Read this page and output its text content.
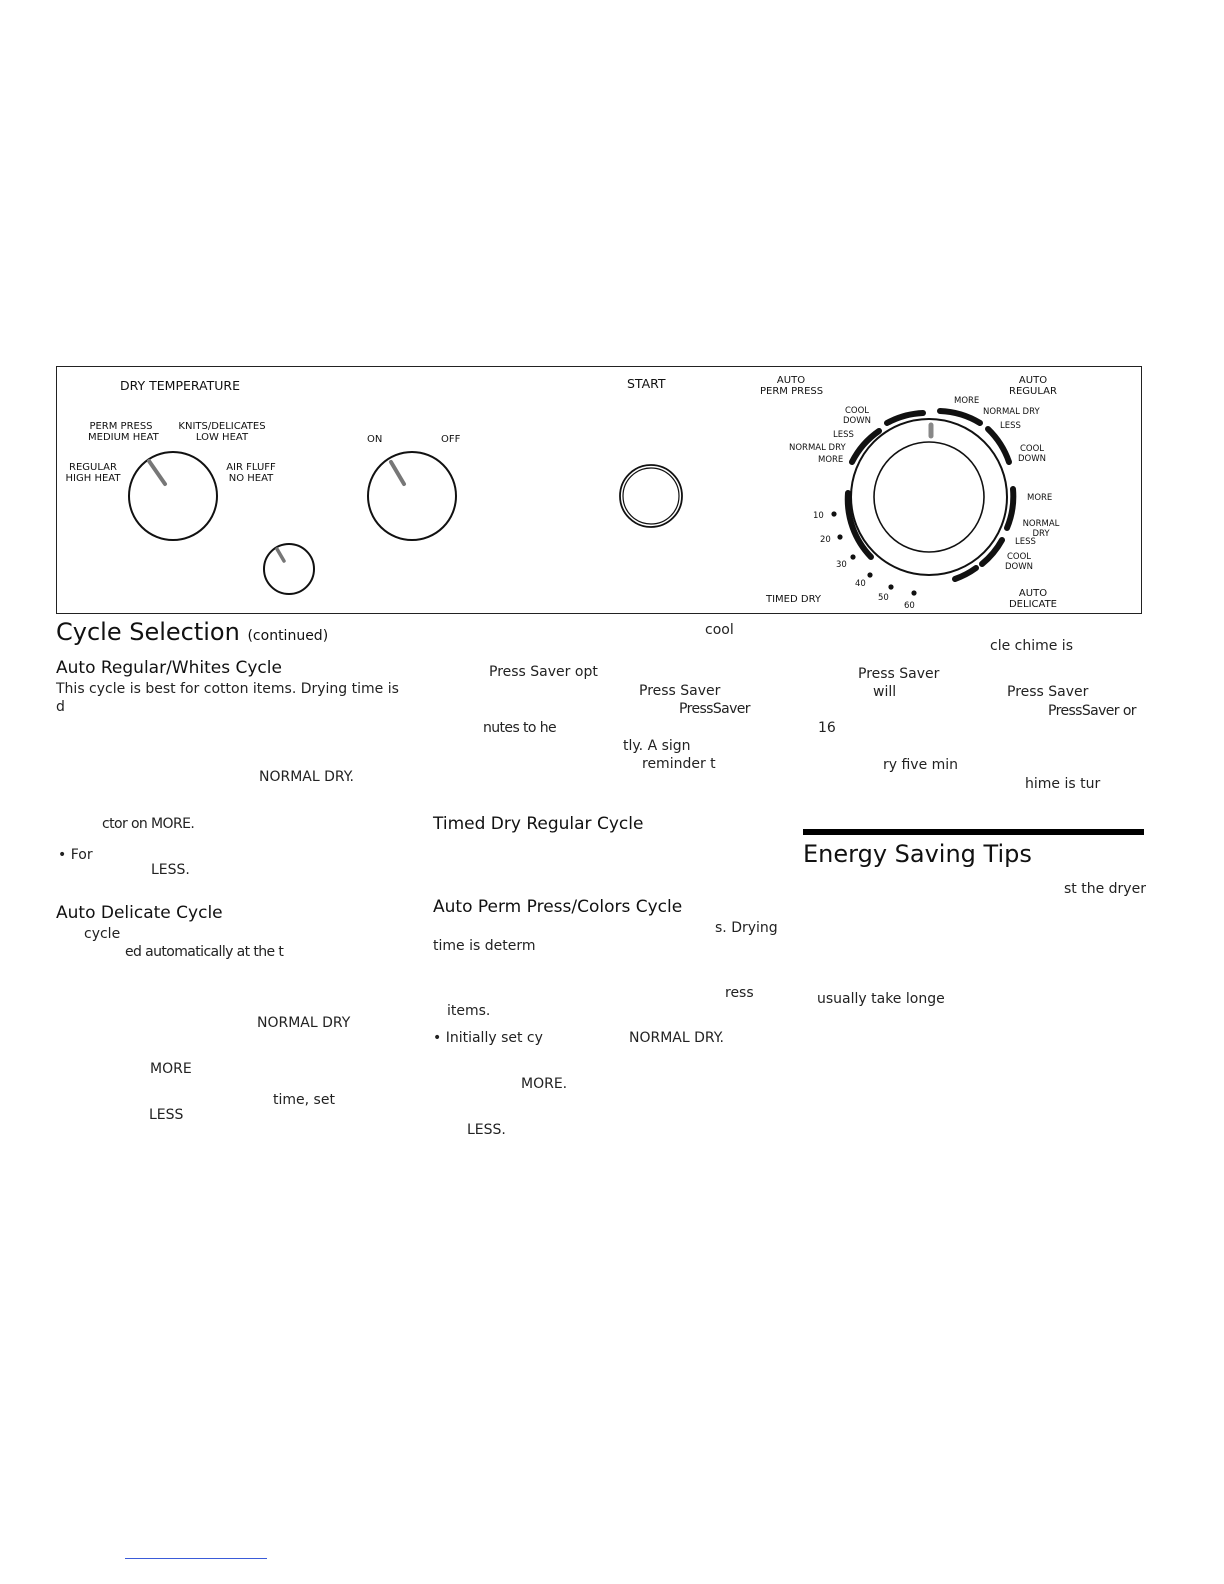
DRY TEMPERATURE
PERM PRESS
MEDIUM HEAT
KNITS/DELICATES
LOW HEAT
REGULAR
HIGH HEAT
AIR FLUFF
NO HEAT
ON	OFF
START	AUTO
PERM PRESS
AUTO
REGULAR
AUTO
DELICATE
TIMED DRY
COOL
DOWN
LESS
NORMAL DRY
MORE
MORE
NORMAL DRY
LESS
COOL
DOWN
MORE
NORMAL
DRY
LESS
COOL
DOWN
10
20
30
40
50
60
Cycle Selection (continued)
Auto Regular/Whites Cycle
This cycle is best for cotton items. Drying time is
d
NORMAL DRY.
ctor on MORE.
• For
LESS.
Auto Delicate Cycle
cycle
ed automatically at the t
NORMAL DRY
MORE
time, set
LESS
cool
Press Saver opt
Press Saver
PressSaver
nutes to he
tly. A sign
reminder t
Timed Dry Regular Cycle
Auto Perm Press/Colors Cycle
s. Drying
time is determ
ress
items.
• Initially set cy	NORMAL DRY.
MORE.
LESS.
cle chime is
Press Saver
will	Press Saver
PressSaver or
16
ry five min
hime is tur
Energy Saving Tips
st the dryer
usually take longe
